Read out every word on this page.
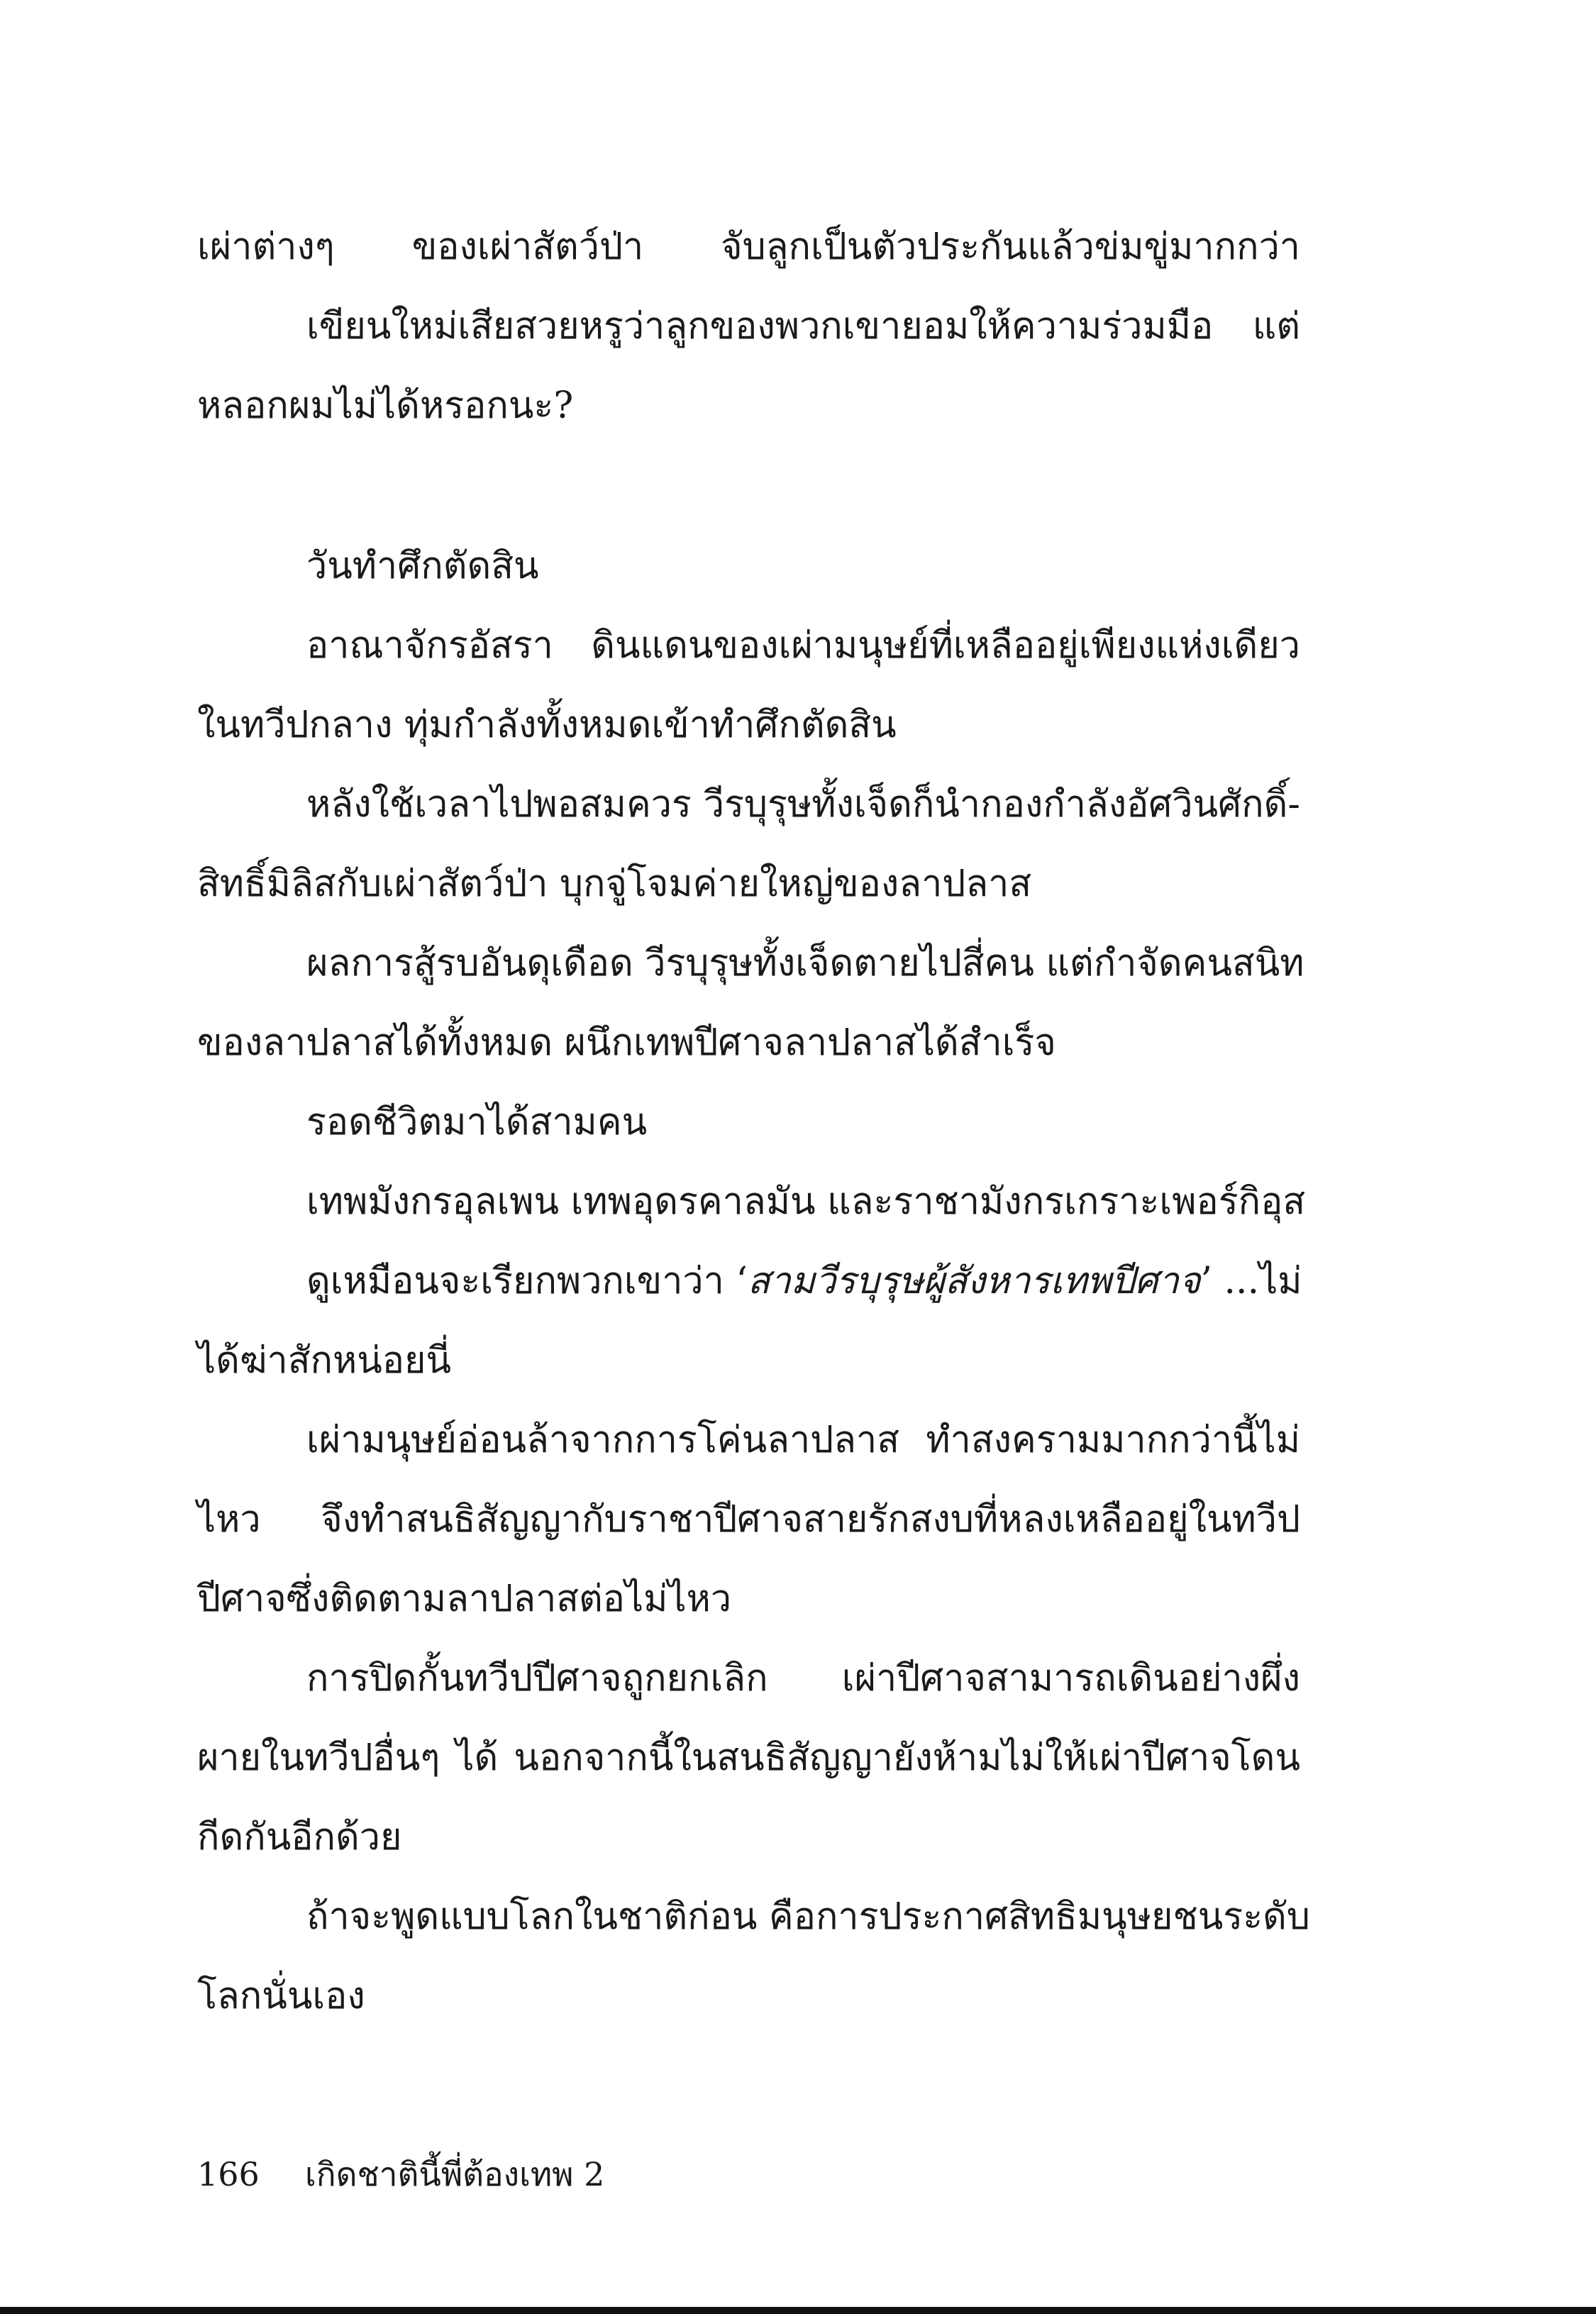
เผ่าต่างๆ ของเผ่าสัตว์ป่า จับลูกเป็นตัวประกันแล้วข่มขู่มากกว่า
เขียนใหม่เสียสวยหรูว่าลูกของพวกเขายอมให้ความร่วมมือ แต่
หลอกผมไม่ได้หรอกนะ?
วันทำศึกตัดสิน
อาณาจักรอัสรา ดินแดนของเผ่ามนุษย์ที่เหลืออยู่เพียงแห่งเดียว
ในทวีปกลาง ทุ่มกำลังทั้งหมดเข้าทำศึกตัดสิน
หลังใช้เวลาไปพอสมควร วีรบุรุษทั้งเจ็ดก็นำกองกำลังอัศวินศักดิ์-
สิทธิ์มิลิสกับเผ่าสัตว์ป่า บุกจู่โจมค่ายใหญ่ของลาปลาส
ผลการสู้รบอันดุเดือด วีรบุรุษทั้งเจ็ดตายไปสี่คน แต่กำจัดคนสนิท
ของลาปลาสได้ทั้งหมด ผนึกเทพปีศาจลาปลาสได้สำเร็จ
รอดชีวิตมาได้สามคน
เทพมังกรอุลเพน เทพอุดรคาลมัน และราชามังกรเกราะเพอร์กิอุส
ดูเหมือนจะเรียกพวกเขาว่า ‘สามวีรบุรุษผู้สังหารเทพปีศาจ’ ...ไม่
ได้ฆ่าสักหน่อยนี่
เผ่ามนุษย์อ่อนล้าจากการโค่นลาปลาส ทำสงครามมากกว่านี้ไม่
ไหว จึงทำสนธิสัญญากับราชาปีศาจสายรักสงบที่หลงเหลืออยู่ในทวีป
ปีศาจซึ่งติดตามลาปลาสต่อไม่ไหว
การปิดกั้นทวีปปีศาจถูกยกเลิก เผ่าปีศาจสามารถเดินอย่างผึ่ง
ผายในทวีปอื่นๆ ได้ นอกจากนี้ในสนธิสัญญายังห้ามไม่ให้เผ่าปีศาจโดน
กีดกันอีกด้วย
ถ้าจะพูดแบบโลกในชาติก่อน คือการประกาศสิทธิมนุษยชนระดับ
โลกนั่นเอง
166 เกิดชาตินี้พี่ต้องเทพ 2
